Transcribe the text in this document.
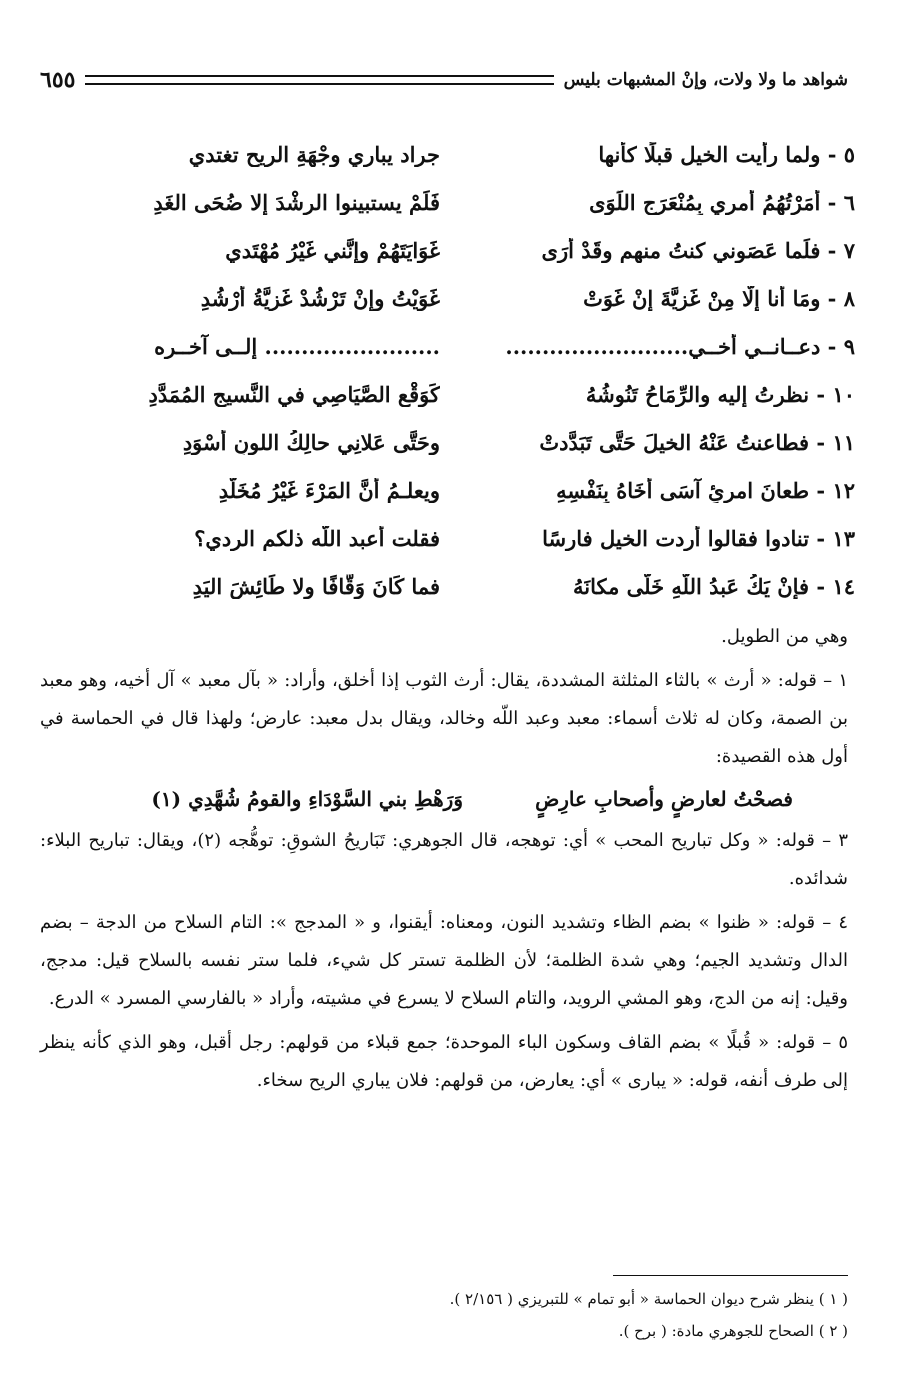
شواهد ما ولا ولات، وإنْ المشبهات بليس
٦٥٥
٥ - ولما رأيت الخيل قبلًا كأنها
جراد يباري وِجْهَةِ الريح تغتدي
٦ - أَمَرْتُهُمُ أمري بِمُنْعَرَجِ اللِّوَى
فَلَمْ يستبينوا الرشْدَ إلا ضُحَى الغَدِ
٧ - فلَما عَصَوني كنتُ منهم وقَدْ أرَى
غَوَايَتَهُمْ وإنَّني غَيْرُ مُهْتَدي
٨ - ومَا أنا إلَّا مِنْ غَزِيَّةَ إنْ غَوَتْ
غَوَيْتُ وإنْ تَرْشُدْ غَزِيَّةُ أَرْشُدِ
٩ - دعــانــي أخــي.........................
........................ إلــى آخــره
١٠ - نظرتُ إليه والرِّمَاحُ تَنُوشُهُ
كَوَقْعِ الصَّيَاصِي في النَّسيجِ المُمَدَّدِ
١١ - فطاعنتُ عَنْهُ الخيلَ حَتَّى تَبَدَّدتْ
وحَتَّى عَلانِي حالِكُ اللونِ أسْوَدِ
١٢ - طعانَ امرئٍ آسَى أخَاهُ بِنَفْسِهِ
ويعلـمُ أنَّ المَرْءَ غَيْرُ مُخَلَّدِ
١٣ - تنادوا فقالوا أردت الخيل فارسًا
فقلت أعبد اللّه ذلكم الردي؟
١٤ - فإنْ يَكُ عَبدُ اللّهِ خَلَّى مكانَهُ
فما كَانَ وَقَّافًا ولا طَائِشَ اليَدِ

وهي من الطويل.

١ – قوله: « أرث » بالثاء المثلثة المشددة، يقال: أرث الثوب إذا أخلق، وأراد: « بآل معبد » آل أخيه، وهو معبد بن الصمة، وكان له ثلاث أسماء: معبد وعبد اللّه وخالد، ويقال بدل معبد: عارض؛ ولهذا قال في الحماسة في أول هذه القصيدة:

فصحْتُ لعارضٍ وأصحابِ عارِضٍ
وَرَهْطِ بني السَّوْدَاءِ والقومُ شُهَّدِي (١)

٣ – قوله: « وكل تباريح المحب » أي: توهجه، قال الجوهري: تَبَاريحُ الشوقِ: توهُّجه (٢)، ويقال: تباريح البلاء: شدائده.

٤ – قوله: « ظنوا » بضم الظاء وتشديد النون، ومعناه: أيقنوا، و « المدجج »: التام السلاح من الدجة – بضم الدال وتشديد الجيم؛ وهي شدة الظلمة؛ لأن الظلمة تستر كل شيء، فلما ستر نفسه بالسلاح قيل: مدجج، وقيل: إنه من الدج، وهو المشي الرويد، والتام السلاح لا يسرع في مشيته، وأراد « بالفارسي المسرد » الدرع.

٥ – قوله: « قُبلًا » بضم القاف وسكون الباء الموحدة؛ جمع قبلاء من قولهم: رجل أقبل، وهو الذي كأنه ينظر إلى طرف أنفه، قوله: « يبارى » أي: يعارض، من قولهم: فلان يباري الريح سخاء.

( ١ ) ينظر شرح ديوان الحماسة « أبو تمام » للتبريزي ( ٢/١٥٦ ).

( ٢ ) الصحاح للجوهري مادة: ( برح ).
